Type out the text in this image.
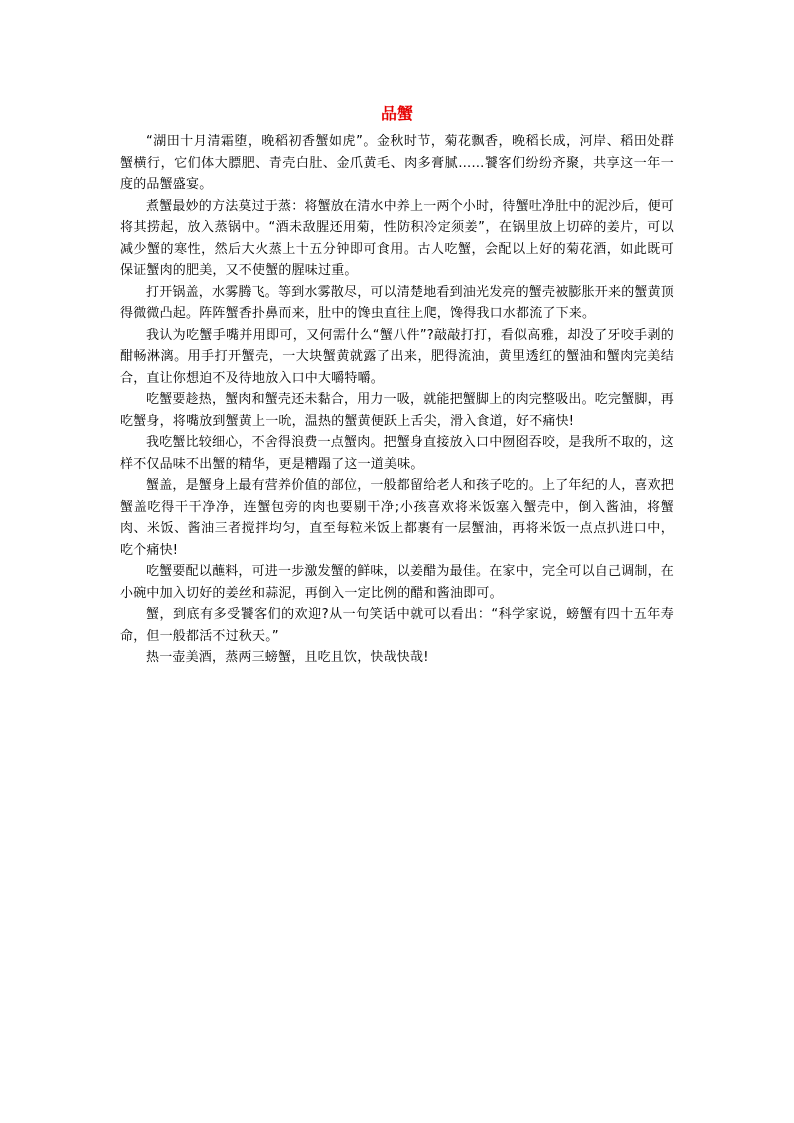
品蟹

“湖田十月清霜堕，晚稻初香蟹如虎”。金秋时节，菊花飘香，晚稻长成，河岸、稻田处群蟹横行，它们体大膘肥、青壳白肚、金爪黄毛、肉多膏腻……饕客们纷纷齐聚，共享这一年一度的品蟹盛宴。

煮蟹最妙的方法莫过于蒸：将蟹放在清水中养上一两个小时，待蟹吐净肚中的泥沙后，便可将其捞起，放入蒸锅中。“酒未敌腥还用菊，性防积冷定须姜”，在锅里放上切碎的姜片，可以减少蟹的寒性，然后大火蒸上十五分钟即可食用。古人吃蟹，会配以上好的菊花酒，如此既可保证蟹肉的肥美，又不使蟹的腥味过重。

打开锅盖，水雾腾飞。等到水雾散尽，可以清楚地看到油光发亮的蟹壳被膨胀开来的蟹黄顶得微微凸起。阵阵蟹香扑鼻而来，肚中的馋虫直往上爬，馋得我口水都流了下来。

我认为吃蟹手嘴并用即可，又何需什么“蟹八件”?敲敲打打，看似高雅，却没了牙咬手剥的酣畅淋漓。用手打开蟹壳，一大块蟹黄就露了出来，肥得流油，黄里透红的蟹油和蟹肉完美结合，直让你想迫不及待地放入口中大嚼特嚼。

吃蟹要趁热，蟹肉和蟹壳还未黏合，用力一吸，就能把蟹脚上的肉完整吸出。吃完蟹脚，再吃蟹身，将嘴放到蟹黄上一吮，温热的蟹黄便跃上舌尖，滑入食道，好不痛快!

我吃蟹比较细心，不舍得浪费一点蟹肉。把蟹身直接放入口中囫囵吞咬，是我所不取的，这样不仅品味不出蟹的精华，更是糟蹋了这一道美味。

蟹盖，是蟹身上最有营养价值的部位，一般都留给老人和孩子吃的。上了年纪的人，喜欢把蟹盖吃得干干净净，连蟹包旁的肉也要剔干净;小孩喜欢将米饭塞入蟹壳中，倒入酱油，将蟹肉、米饭、酱油三者搅拌均匀，直至每粒米饭上都裹有一层蟹油，再将米饭一点点扒进口中，吃个痛快!

吃蟹要配以蘸料，可进一步激发蟹的鲜味，以姜醋为最佳。在家中，完全可以自己调制，在小碗中加入切好的姜丝和蒜泥，再倒入一定比例的醋和酱油即可。

蟹，到底有多受饕客们的欢迎?从一句笑话中就可以看出：“科学家说，螃蟹有四十五年寿命，但一般都活不过秋天。”

热一壶美酒，蒸两三螃蟹，且吃且饮，快哉快哉!
